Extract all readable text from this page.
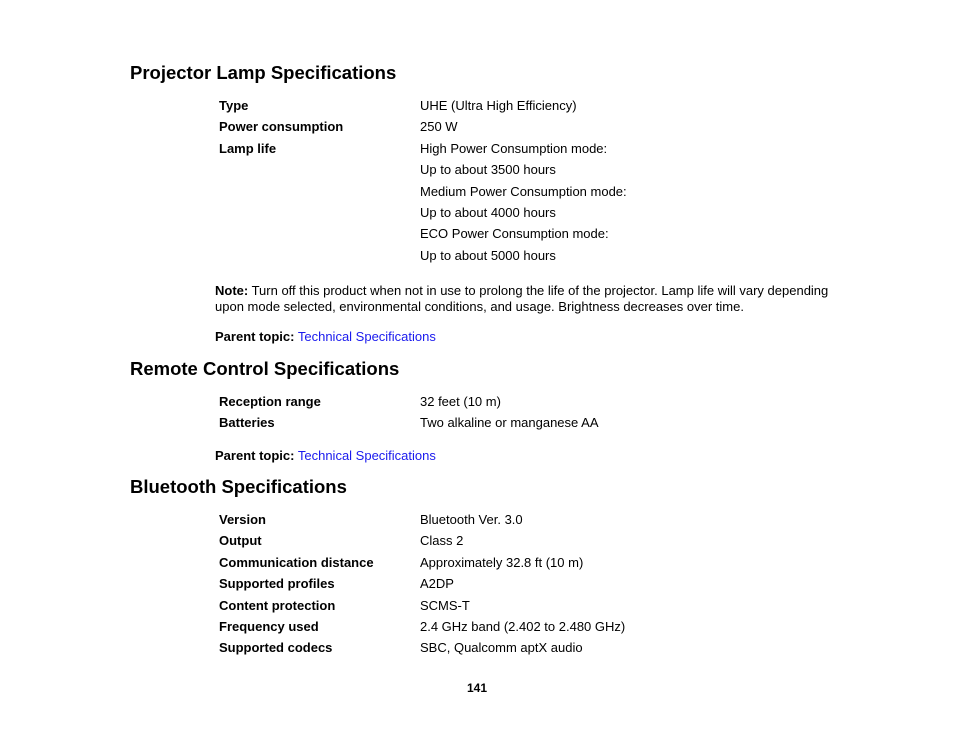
Projector Lamp Specifications
Type	UHE (Ultra High Efficiency)
Power consumption	250 W
Lamp life	High Power Consumption mode:
Up to about 3500 hours
Medium Power Consumption mode:
Up to about 4000 hours
ECO Power Consumption mode:
Up to about 5000 hours

Note: Turn off this product when not in use to prolong the life of the projector. Lamp life will vary depending upon mode selected, environmental conditions, and usage. Brightness decreases over time.

Parent topic: Technical Specifications
Remote Control Specifications
Reception range	32 feet (10 m)
Batteries	Two alkaline or manganese AA
Parent topic: Technical Specifications
Bluetooth Specifications
Version	Bluetooth Ver. 3.0
Output	Class 2
Communication distance	Approximately 32.8 ft (10 m)
Supported profiles	A2DP
Content protection	SCMS-T
Frequency used	2.4 GHz band (2.402 to 2.480 GHz)
Supported codecs	SBC, Qualcomm aptX audio
141
